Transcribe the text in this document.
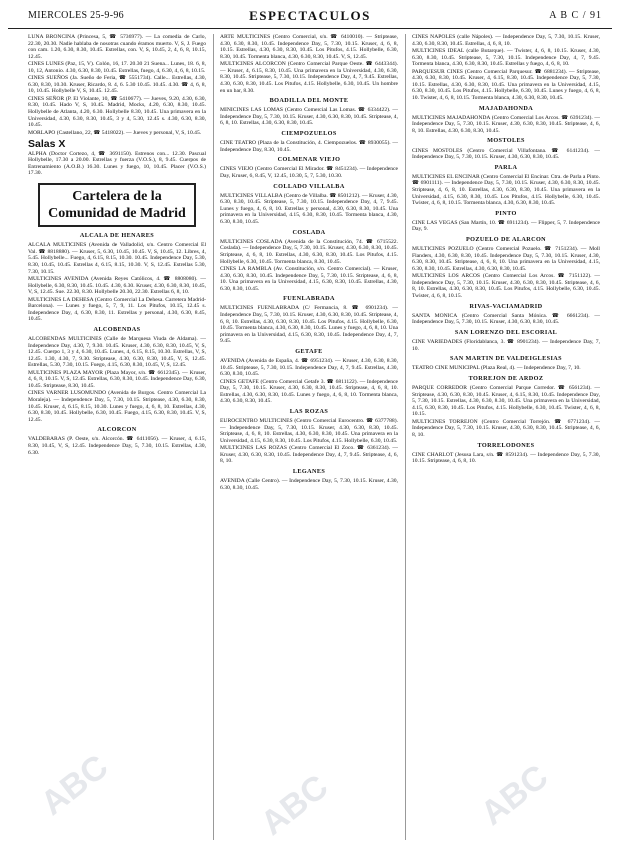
MIERCOLES 25-9-96	ESPECTACULOS	A B C / 91

LUNA BRONCINA (Princesa, 5, ☎ 5736977). — La comedia de Carlo, 22.30, 20.30. Nadie hablaba de nosotras cuando éramos muerto. V, S, J. Fuego con cam. 1.20, 6.30, 8.30, 10.45. Estrellas, con. V, S, 10.45, 2, 4, 6, 8, 10.15, 12.45.

CINES LUNES (Paz, 15, V). Colón, 16, 17. 20.30 21 Suena... Lunes, 18. 6, 8, 10, 12, Antonio. 4.30, 6.30, 8.30, 10.45. Estrellas, fuego, 4, 6.30, 4, 6, 8, 10.15.

CINES SUEÑOS (Ja. Sueño de Feria, ☎ 5551734). Calle... Estrellas, 4.30, 6.30, 8.30, 10.30. Kruser, Ricardo, 8. 4, 6. 5.30 10.45. 10.45. 4.30. ☎ 4, 6, 8, 10, 10.45. Hollybelle V, S, 10.45. 12.45.

CINES SEÑOR (P. El Violante, 10, ☎ 5410677). — Jueves, 9.20, 4.30, 6.30, 8.30, 10.45. Hado V, S, 10.45. Madrid, Mocks, 4.20, 6.30, 8.30, 10.45. Hollybelle de Atlanta, 4.20, 6.30. Hollybelle 8.30, 10.45. Una primavera en la Universidad, 4.30, 6.30, 8.30, 10.45, 3 y 4, 5.30, 12.45 s. 4.30, 6.30, 8.30, 10.45.

MORLAPO (Castellano, 22, ☎ 5418022). — Jueves y personal, V, S, 10.45.

Salas X

ALPHA (Doctor Cortezo, 4, ☎ 3691150). Estrenos con... 12.30. Pascual Hollybelle, 17.30 a 20.00. Estrellas y fuerza (V.O.S.), 8, 9.45. Cuerpos de Entrenamiento (A.O.B.) 16.30. Lunes y fuego, 10, 10.45. Placer (V.O.S.) 17.30.

Cartelera de la
Comunidad de Madrid
ALCALA DE HENARES

ALCALA MULTICINES (Avenida de Valladolid, s/n. Centro Comercial El Val. ☎ 8818880). — Kruser, 5, 6.30, 10.45, 10.45. V, S, 10.45, 12. Libres, 4, 5.45. Hollybelle... Fuego, 4, 6.15, 8.15, 10.30. 10.45. Independence Day, 5.30, 8.30, 10.45, 10.45. Estrellas 4, 6.15, 8.15, 10.30. V, S, 12.45. Estrellas 5.30, 7.30, 10.15.

MULTICINES AVENIDA (Avenida Reyes Católicos, 4. ☎ 8808080). — Hollybelle, 6.30, 8.30, 10.45. 10.45. 4.30, 6.30. Kruser, 4.30, 6.30, 8.30, 10.45, V, S, 12.45. Sue. 22.30, 8.30. Hollybelle 20.30, 22.30. Estrellas 6, 8, 10.

MULTICINES LA DEHESA (Centro Comercial La Dehesa. Carretera Madrid-Barcelona). — Lunes y fuego, 5, 7, 9, 11. Los Pitufos, 10.15, 12.45 s. Independence Day, 4, 6.30, 8.30, 11. Estrellas y personal, 4.30, 6.30, 8.45, 10.45.

ALCOBENDAS

ALCOBENDAS MULTICINES (Calle de Marquesa Viuda de Aldama). — Independence Day, 4.30, 7, 9.30. 10.45. Kruser, 4.30, 6.30, 8.30, 10.45, V, S, 12.45. Cuerpo 1, 3 y 4, 6.30, 10.45. Lunes, 4, 6.15, 8.15, 10.30. Estrellas, V, S, 12.45. 1.30, 4.30, 7, 9.30. Striptease, 4.30, 6.30, 8.30, 10.45, V, S, 12.45. Estrellas, 5.30, 7.30, 10.15. Fuego, 4.15, 6.30, 8.30, 10.45, V, S, 12.45.

MULTICINES PLAZA MAYOR (Plaza Mayor, s/n. ☎ 6612345). — Kruser, 4, 6, 8, 10.15. V, S, 12.45. Estrellas, 6.30, 8.30, 10.45. Independence Day, 6.30, 10.45. Striptease, 8.30, 10.45.

CINES VARNER LUSOMUNDO (Avenida de Burgos. Centro Comercial La Moraleja). — Independence Day, 5, 7.30, 10.15. Striptease, 4.30, 6.30, 8.30, 10.45. Kruser, 4, 6.15, 8.15, 10.30. Lunes y fuego, 4, 6, 8, 10. Estrellas, 4.30, 6.30, 8.30, 10.45. Hollybelle, 6.30, 10.45. Fuego, 4.15, 6.30, 8.30, 10.45. V, S, 12.45.

ALCORCON

VALDEBARAS (P. Oeste, s/n. Alcorcón. ☎ 6411056). — Kruser, 4, 6.15, 8.30, 10.45, V, S, 12.45. Independence Day, 5, 7.30, 10.15. Estrellas, 4.30, 6.30.

ARTE MULTICINES (Centro Comercial, s/n. ☎ 6410010). — Striptease, 4.30, 6.30, 8.30, 10.45. Independence Day, 5, 7.30, 10.15. Kruser, 4, 6, 8, 10.15. Estrellas, 4.30, 6.30, 8.30, 10.45. Los Pitufos, 4.15. Hollybelle, 6.30, 8.30, 10.45. Tormenta blanca, 4.30, 6.30, 8.30, 10.45. V, S, 12.45.

MULTICINES ALCORCON (Centro Comercial Parque Oeste. ☎ 6443344). — Kruser, 4, 6.15, 8.30, 10.45. Una primavera en la Universidad, 4.30, 6.30, 8.30, 10.45. Striptease, 5, 7.30, 10.15. Independence Day, 4, 7, 9.45. Estrellas, 4.30, 6.30, 8.30, 10.45. Los Pitufos, 4.15. Hollybelle, 6.30, 10.45. Un hombre en un bar, 8.30.

BOADILLA DEL MONTE

MINICINES LAS LOMAS (Centro Comercial Las Lomas. ☎ 6334422). — Independence Day, 5, 7.30, 10.15. Kruser, 4.30, 6.30, 8.30, 10.45. Striptease, 4, 6, 8, 10. Estrellas, 4.30, 6.30, 8.30, 10.45.

CIEMPOZUELOS

CINE TEATRO (Plaza de la Constitución, 4. Ciempozuelos. ☎ 8930055). — Independence Day, 8.30, 10.45.

COLMENAR VIEJO

CINES VIEJO (Centro Comercial El Mirador. ☎ 8451234). — Independence Day, Kruser, 6, 8.45, V, 12.45, 10.30, 5, 7, 5.30, 10.30.

COLLADO VILLALBA

MULTICINES VILLALBA (Centro de Villalba. ☎ 8501212). — Kruser, 4.30, 6.30, 8.30, 10.45. Striptease, 5, 7.30, 10.15. Independence Day, 4, 7, 9.45. Lunes y fuego, 4, 6, 8, 10. Estrellas y personal, 4.30, 6.30, 8.30, 10.45. Una primavera en la Universidad, 4.15, 6.30, 8.30, 10.45. Tormenta blanca, 4.30, 6.30, 8.30, 10.45.

COSLADA

MULTICINES COSLADA (Avenida de la Constitución, 74. ☎ 6715522. Coslada). — Independence Day, 5, 7.30, 10.15. Kruser, 4.30, 6.30, 8.30, 10.45. Striptease, 4, 6, 8, 10. Estrellas, 4.30, 6.30, 8.30, 10.45. Los Pitufos, 4.15. Hollybelle, 6.30, 10.45. Tormenta blanca, 8.30, 10.45.

CINES LA RAMBLA (Av. Constitución, s/n. Centro Comercial). — Kruser, 4.30, 6.30, 8.30, 10.45. Independence Day, 5, 7.30, 10.15. Striptease, 4, 6, 8, 10. Una primavera en la Universidad, 4.15, 6.30, 8.30, 10.45. Estrellas, 4.30, 6.30, 8.30, 10.45.

FUENLABRADA

MULTICINES FUENLABRADA (C/ Fermancia, 8. ☎ 6901234). — Independence Day, 5, 7.30, 10.15. Kruser, 4.30, 6.30, 8.30, 10.45. Striptease, 4, 6, 8, 10. Estrellas, 4.30, 6.30, 8.30, 10.45. Los Pitufos, 4.15. Hollybelle, 6.30, 10.45. Tormenta blanca, 4.30, 6.30, 8.30, 10.45. Lunes y fuego, 4, 6, 8, 10. Una primavera en la Universidad, 4.15, 6.30, 8.30, 10.45. Independence Day, 4, 7, 9.45.

GETAFE

AVENIDA (Avenida de España, 4. ☎ 6951234). — Kruser, 4.30, 6.30, 8.30, 10.45. Striptease, 5, 7.30, 10.15. Independence Day, 4, 7, 9.45. Estrellas, 4.30, 6.30, 8.30, 10.45.

CINES GETAFE (Centro Comercial Getafe 3. ☎ 6811122). — Independence Day, 5, 7.30, 10.15. Kruser, 4.30, 6.30, 8.30, 10.45. Striptease, 4, 6, 8, 10. Estrellas, 4.30, 6.30, 8.30, 10.45. Lunes y fuego, 4, 6, 8, 10. Tormenta blanca, 4.30, 6.30, 8.30, 10.45.

LAS ROZAS

EUROCENTRO MULTICINES (Centro Comercial Eurocentro. ☎ 6377788). — Independence Day, 5, 7.30, 10.15. Kruser, 4.30, 6.30, 8.30, 10.45. Striptease, 4, 6, 8, 10. Estrellas, 4.30, 6.30, 8.30, 10.45. Una primavera en la Universidad, 4.15, 6.30, 8.30, 10.45. Los Pitufos, 4.15. Hollybelle, 6.30, 10.45.

MULTICINES LAS ROZAS (Centro Comercial El Zoco. ☎ 6361234). — Kruser, 4.30, 6.30, 8.30, 10.45. Independence Day, 4, 7, 9.45. Striptease, 4, 6, 8, 10.

LEGANES

AVENIDA (Calle Centro). — Independence Day, 5, 7.30, 10.15. Kruser, 4.30, 6.30, 8.30, 10.45.

CINES NAPOLES (calle Nápoles). — Independence Day, 5, 7.30, 10.15. Kruser, 4.30, 6.30, 8.30, 10.45. Estrellas, 4, 6, 8, 10.

MULTICINES IDEAL (calle Butarque). — Twister, 4, 6, 8, 10.15. Kruser, 4.30, 6.30, 8.30, 10.45. Striptease, 5, 7.30, 10.15. Independence Day, 4, 7, 9.45. Tormenta blanca, 4.30, 6.30, 8.30, 10.45. Estrellas y fuego, 4, 6, 8, 10.

PARQUESUR CINES (Centro Comercial Parquesur. ☎ 6881234). — Striptease, 4.30, 6.30, 8.30, 10.45. Kruser, 4, 6.15, 8.30, 10.45. Independence Day, 5, 7.30, 10.15. Estrellas, 4.30, 6.30, 8.30, 10.45. Una primavera en la Universidad, 4.15, 6.30, 8.30, 10.45. Los Pitufos, 4.15. Hollybelle, 6.30, 10.45. Lunes y fuego, 4, 6, 8, 10. Twister, 4, 6, 8, 10.15. Tormenta blanca, 4.30, 6.30, 8.30, 10.45.

MAJADAHONDA

MULTICINES MAJADAHONDA (Centro Comercial Los Arcos. ☎ 6391234). — Independence Day, 5, 7.30, 10.15. Kruser, 4.30, 6.30, 8.30, 10.45. Striptease, 4, 6, 8, 10. Estrellas, 4.30, 6.30, 8.30, 10.45.

MOSTOLES

CINES MOSTOLES (Centro Comercial Villafontana. ☎ 6141234). — Independence Day, 5, 7.30, 10.15. Kruser, 4.30, 6.30, 8.30, 10.45.

PARLA

MULTICINES EL ENCINAR (Centro Comercial El Encinar. Ctra. de Parla a Pinto. ☎ 6901111). — Independence Day, 5, 7.30, 10.15. Kruser, 4.30, 6.30, 8.30, 10.45. Striptease, 4, 6, 8, 10. Estrellas, 4.30, 6.30, 8.30, 10.45. Una primavera en la Universidad, 4.15, 6.30, 8.30, 10.45. Los Pitufos, 4.15. Hollybelle, 6.30, 10.45. Twister, 4, 6, 8, 10.15. Tormenta blanca, 4.30, 6.30, 8.30, 10.45.

PINTO

CINE LAS VEGAS (San Martín, 10. ☎ 6911234). — Flipper, 5, 7. Independence Day, 9.

POZUELO DE ALARCON

MULTICINES POZUELO (Centro Comercial Pozuelo. ☎ 7151234). — Moll Flanders, 4.30, 6.30, 8.30, 10.45. Independence Day, 5, 7.30, 10.15. Kruser, 4.30, 6.30, 8.30, 10.45. Striptease, 4, 6, 8, 10. Una primavera en la Universidad, 4.15, 6.30, 8.30, 10.45. Estrellas, 4.30, 6.30, 8.30, 10.45.

MULTICINES LOS ARCOS (Centro Comercial Los Arcos. ☎ 7151122). — Independence Day, 5, 7.30, 10.15. Kruser, 4.30, 6.30, 8.30, 10.45. Striptease, 4, 6, 8, 10. Estrellas, 4.30, 6.30, 8.30, 10.45. Los Pitufos, 4.15. Hollybelle, 6.30, 10.45. Twister, 4, 6, 8, 10.15.

RIVAS-VACIAMADRID

SANTA MONICA (Centro Comercial Santa Mónica. ☎ 6661234). — Independence Day, 5, 7.30, 10.15. Kruser, 4.30, 6.30, 8.30, 10.45.

SAN LORENZO DEL ESCORIAL

CINE VARIEDADES (Floridablanca, 3. ☎ 8901234). — Independence Day, 7, 10.

SAN MARTIN DE VALDEIGLESIAS

TEATRO CINE MUNICIPAL (Plaza Real, 4). — Independence Day, 7, 10.

TORREJON DE ARDOZ

PARQUE CORREDOR (Centro Comercial Parque Corredor. ☎ 6561234). — Striptease, 4.30, 6.30, 8.30, 10.45. Kruser, 4, 6.15, 8.30, 10.45. Independence Day, 5, 7.30, 10.15. Estrellas, 4.30, 6.30, 8.30, 10.45. Una primavera en la Universidad, 4.15, 6.30, 8.30, 10.45. Los Pitufos, 4.15. Hollybelle, 6.30, 10.45. Twister, 4, 6, 8, 10.15.

MULTICINES TORREJON (Centro Comercial Torrejón. ☎ 6771234). — Independence Day, 5, 7.30, 10.15. Kruser, 4.30, 6.30, 8.30, 10.45. Striptease, 4, 6, 8, 10.

TORRELODONES

CINE CHARLOT (Jesusa Lara, s/n. ☎ 8591234). — Independence Day, 5, 7.30, 10.15. Striptease, 4, 6, 8, 10.

ABC	ABC	ABC
